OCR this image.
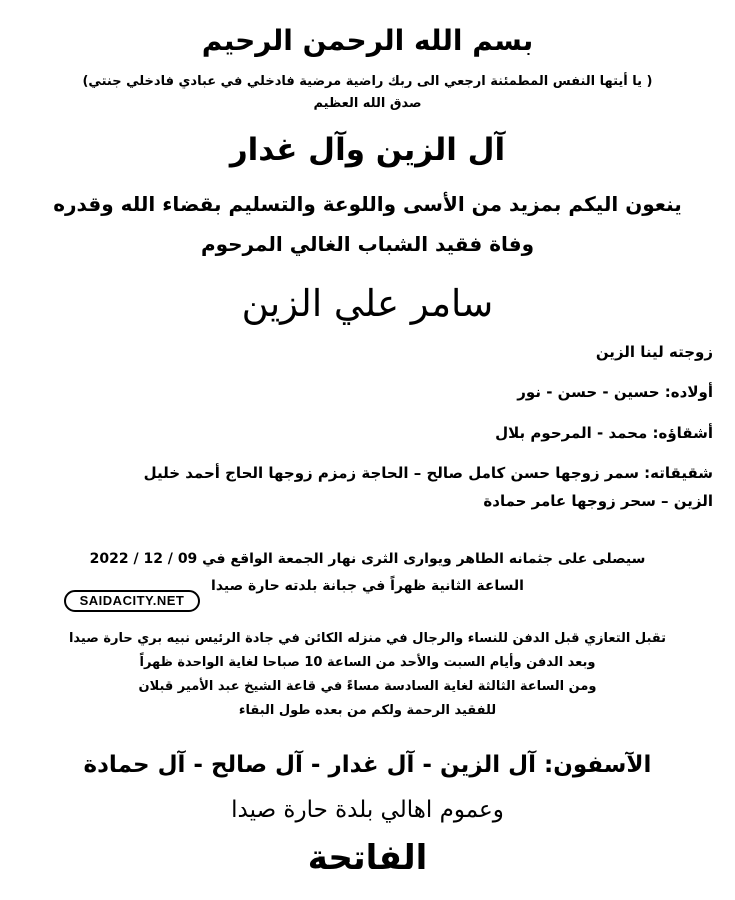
بسم الله الرحمن الرحيم
( يا أيتها النفس المطمئنة ارجعي الى ربك راضية مرضية فادخلي في عبادي فادخلي جنتي)
صدق الله العظيم
آل الزين وآل غدار
ينعون اليكم بمزيد من الأسى واللوعة والتسليم بقضاء الله وقدره
وفاة فقيد الشباب الغالي المرحوم
سامر علي الزين
زوجته لينا الزين
أولاده: حسين - حسن - نور
أشقاؤه: محمد - المرحوم بلال
شقيقاته: سمر زوجها حسن كامل صالح – الحاجة زمزم زوجها الحاج أحمد خليل
الزين – سحر زوجها عامر حمادة
سيصلى على جثمانه الطاهر ويوارى الثرى نهار الجمعة الواقع في 09 / 12 / 2022
الساعة الثانية ظهراً في جبانة بلدته حارة صيدا
تقبل التعازي قبل الدفن للنساء والرجال في منزله الكائن في جادة الرئيس نبيه بري حارة صيدا
وبعد الدفن وأيام السبت والأحد من الساعة 10 صباحا لغاية الواحدة ظهراً
ومن الساعة الثالثة لغاية السادسة مساءً في قاعة الشيخ عبد الأمير قبلان
للفقيد الرحمة ولكم من بعده طول البقاء
الآسفون: آل الزين - آل غدار - آل صالح - آل حمادة
وعموم اهالي بلدة حارة صيدا
الفاتحة
SAIDACITY.NET
